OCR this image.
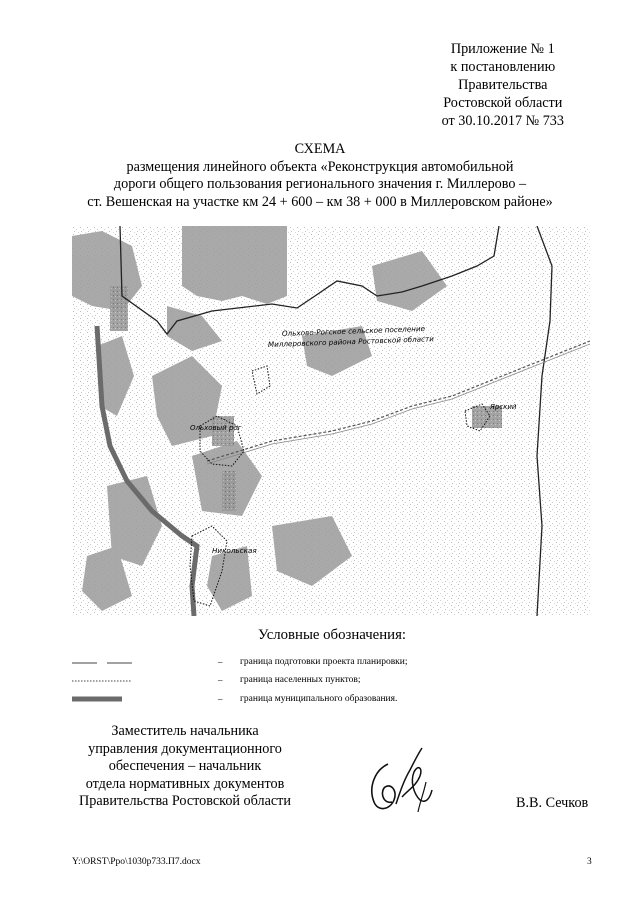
Приложение № 1
к постановлению
Правительства
Ростовской области
от 30.10.2017 № 733
СХЕМА
размещения линейного объекта «Реконструкция автомобильной
дороги общего пользования регионального значения г. Миллерово –
ст. Вешенская на участке км 24 + 600 – км 38 + 000 в Миллеровском районе»
Ольхово-Рогское сельское поселение
Миллеровского района Ростовской области
Ольховый рог
Ярский
Никольская
Условные обозначения:
– граница подготовки проекта планировки;
– граница населенных пунктов;
– граница муниципального образования.
Заместитель начальника
управления документационного
обеспечения – начальник
отдела нормативных документов
Правительства Ростовской области	В.В. Сечков
Y:\ORST\Ppo\1030p733.П7.docx	3
